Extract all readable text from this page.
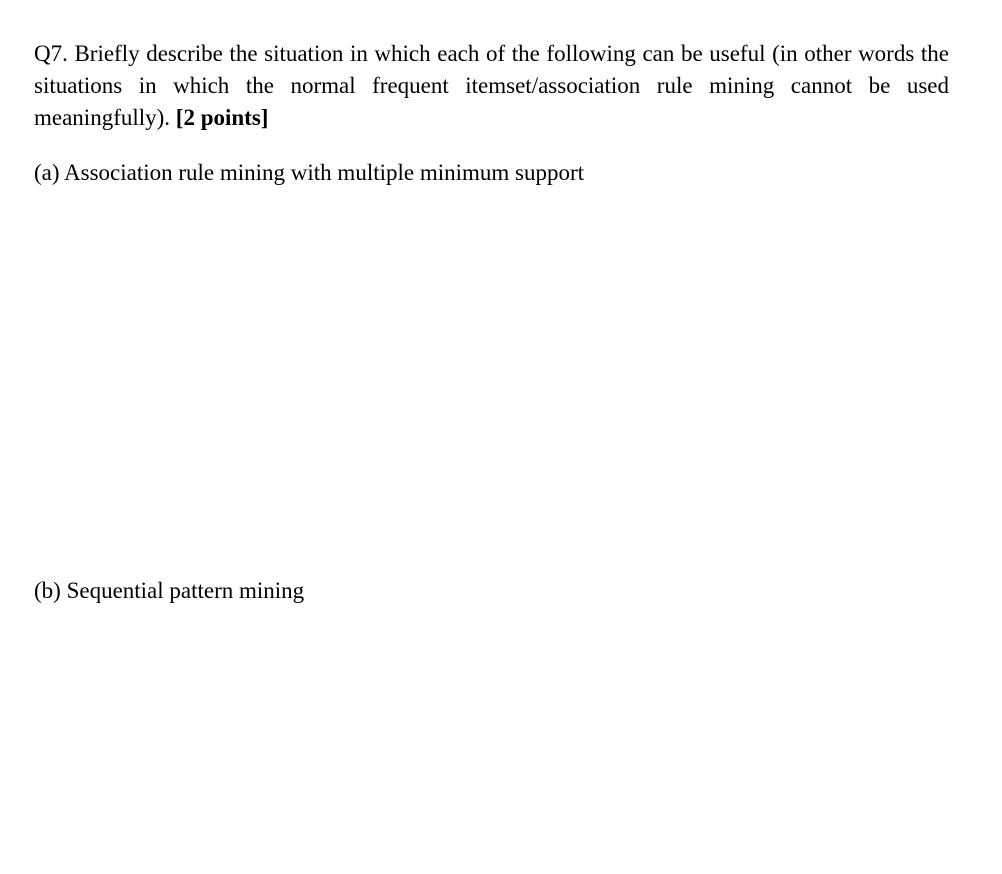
Q7. Briefly describe the situation in which each of the following can be useful (in other words the situations in which the normal frequent itemset/association rule mining cannot be used meaningfully). [2 points]

(a) Association rule mining with multiple minimum support

(b) Sequential pattern mining
